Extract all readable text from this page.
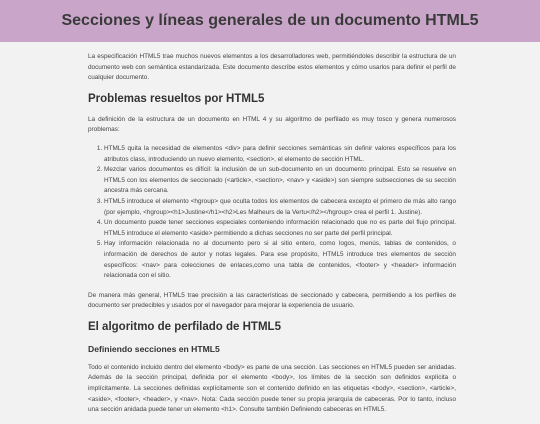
Secciones y líneas generales de un documento HTML5

La especificación HTML5 trae muchos nuevos elementos a los desarrolladores web, permitiéndoles describir la estructura de un documento web con semántica estandarizada. Este documento describe estos elementos y cómo usarlos para definir el perfil de cualquier documento.

Problemas resueltos por HTML5

La definición de la estructura de un documento en HTML 4 y su algoritmo de perfilado es muy tosco y genera numerosos problemas:

1. HTML5 quita la necesidad de elementos <div> para definir secciones semánticas sin definir valores específicos para los atributos class, introduciendo un nuevo elemento, <section>, el elemento de sección HTML.
2. Mezclar varios documentos es difícil: la inclusión de un sub-documento en un documento principal. Esto se resuelve en HTML5 con los elementos de seccionado (<article>, <section>, <nav> y <aside>) son siempre subsecciones de su sección ancestra más cercana.
3. HTML5 introduce el elemento <hgroup> que oculta todos los elementos de cabecera excepto el primero de más alto rango (por ejemplo, <hgroup><h1>Justine</h1><h2>Les Malheurs de la Vertu</h2></hgroup> crea el perfil 1. Justine).
4. Un documento puede tener secciones especiales conteniendo información relacionado que no es parte del flujo principal. HTML5 introduce el elemento <aside> permitiendo a dichas secciones no ser parte del perfil principal.
5. Hay información relacionada no al documento pero si al sitio entero, como logos, menús, tablas de contenidos, o información de derechos de autor y notas legales. Para ese propósito, HTML5 introduce tres elementos de sección específicos: <nav> para colecciones de enlaces,como una tabla de contenidos, <footer> y <header> información relacionada con el sitio.

De manera más general, HTML5 trae precisión a las características de seccionado y cabecera, permitiendo a los perfiles de documento ser predecibles y usados por el navegador para mejorar la experiencia de usuario.

El algoritmo de perfilado de HTML5
Definiendo secciones en HTML5

Todo el contenido incluido dentro del elemento <body> es parte de una sección. Las secciones en HTML5 pueden ser anidadas. Además de la sección principal, definida por el elemento <body>, los límites de la sección son definidos explícita o implícitamente. La secciones definidas explícitamente son el contenido definido en las etiquetas <body>, <section>, <article>, <aside>, <footer>, <header>, y <nav>. Nota: Cada sección puede tener su propia jerarquía de cabeceras. Por lo tanto, incluso una sección anidada puede tener un elemento <h1>. Consulte también Definiendo cabeceras en HTML5.
